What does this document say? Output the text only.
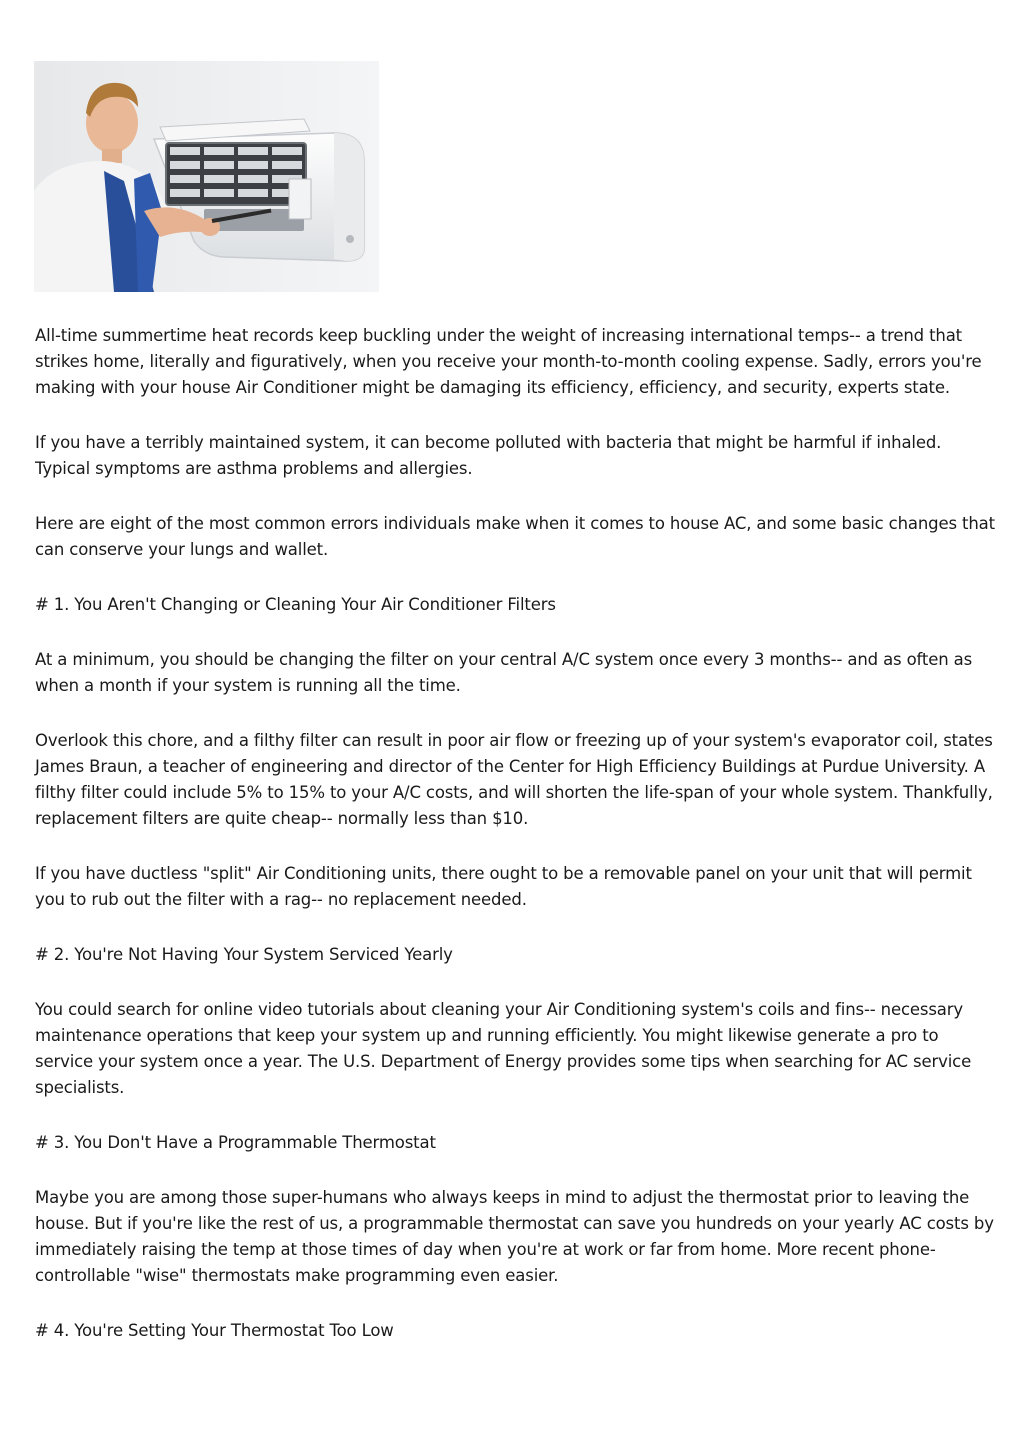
All-time summertime heat records keep buckling under the weight of increasing international temps-- a trend that strikes home, literally and figuratively, when you receive your month-to-month cooling expense. Sadly, errors you're making with your house Air Conditioner might be damaging its efficiency, efficiency, and security, experts state.

If you have a terribly maintained system, it can become polluted with bacteria that might be harmful if inhaled. Typical symptoms are asthma problems and allergies.

Here are eight of the most common errors individuals make when it comes to house AC, and some basic changes that can conserve your lungs and wallet.

# 1. You Aren't Changing or Cleaning Your Air Conditioner Filters

At a minimum, you should be changing the filter on your central A/C system once every 3 months-- and as often as when a month if your system is running all the time.

Overlook this chore, and a filthy filter can result in poor air flow or freezing up of your system's evaporator coil, states James Braun, a teacher of engineering and director of the Center for High Efficiency Buildings at Purdue University. A filthy filter could include 5% to 15% to your A/C costs, and will shorten the life-span of your whole system. Thankfully, replacement filters are quite cheap-- normally less than $10.

If you have ductless "split" Air Conditioning units, there ought to be a removable panel on your unit that will permit you to rub out the filter with a rag-- no replacement needed.

# 2. You're Not Having Your System Serviced Yearly

You could search for online video tutorials about cleaning your Air Conditioning system's coils and fins-- necessary maintenance operations that keep your system up and running efficiently. You might likewise generate a pro to service your system once a year. The U.S. Department of Energy provides some tips when searching for AC service specialists.

# 3. You Don't Have a Programmable Thermostat

Maybe you are among those super-humans who always keeps in mind to adjust the thermostat prior to leaving the house. But if you're like the rest of us, a programmable thermostat can save you hundreds on your yearly AC costs by immediately raising the temp at those times of day when you're at work or far from home. More recent phone-controllable "wise" thermostats make programming even easier.

# 4. You're Setting Your Thermostat Too Low
